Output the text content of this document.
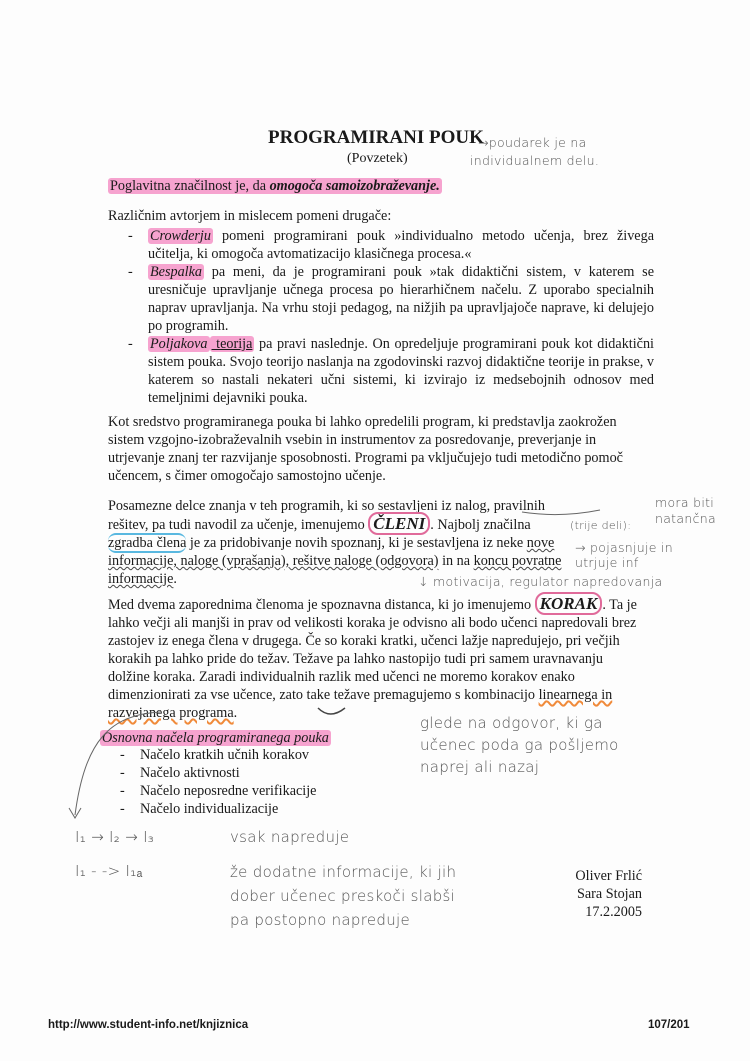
PROGRAMIRANI POUK
(Povzetek)
→poudarek je na
individualnem delu.
Poglavitna značilnost je, da omogoča samoizobraževanje.
Različnim avtorjem in mislecem pomeni drugače:
- Crowderju pomeni programirani pouk »individualno metodo učenja, brez živega učitelja, ki omogoča avtomatizacijo klasičnega procesa.«
- Bespalka pa meni, da je programirani pouk »tak didaktični sistem, v katerem se uresničuje upravljanje učnega procesa po hierarhičnem načelu. Z uporabo specialnih naprav upravljanja. Na vrhu stoji pedagog, na nižjih pa upravljajoče naprave, ki delujejo po programih.
- Poljakova teorija pa pravi naslednje. On opredeljuje programirani pouk kot didaktični sistem pouka. Svojo teorijo naslanja na zgodovinski razvoj didaktične teorije in prakse, v katerem so nastali nekateri učni sistemi, ki izvirajo iz medsebojnih odnosov med temeljnimi dejavniki pouka.
Kot sredstvo programiranega pouka bi lahko opredelili program, ki predstavlja zaokrožen sistem vzgojno-izobraževalnih vsebin in instrumentov za posredovanje, preverjanje in utrjevanje znanj ter razvijanje sposobnosti. Programi pa vključujejo tudi metodično pomoč učencem, s čimer omogočajo samostojno učenje.
Posamezne delce znanja v teh programih, ki so sestavljeni iz nalog, pravilnih rešitev, pa tudi navodil za učenje, imenujemo ČLENI . Najbolj značilna zgradba člena je za pridobivanje novih spoznanj, ki je sestavljena iz neke nove informacije, naloge (vprašanja), rešitve naloge (odgovora) in na koncu povratne informacije.
(trije deli):
mora biti natančna
→ pojasnjuje in utrjuje inf
↓ motivacija, regulator napredovanja
Med dvema zaporednima členoma je spoznavna distanca, ki jo imenujemo KORAK . Ta je lahko večji ali manjši in prav od velikosti koraka je odvisno ali bodo učenci napredovali brez zastojev iz enega člena v drugega. Če so koraki kratki, učenci lažje napredujejo, pri večjih korakih pa lahko pride do težav. Težave pa lahko nastopijo tudi pri samem uravnavanju dolžine koraka. Zaradi individualnih razlik med učenci ne moremo korakov enako dimenzionirati za vse učence, zato take težave premagujemo s kombinacijo linearnega in razvejanega programa.
glede na odgovor, ki ga
učenec poda ga pošljemo
naprej ali nazaj
Osnovna načela programiranega pouka
- Načelo kratkih učnih korakov
- Načelo aktivnosti
- Načelo neposredne verifikacije
- Načelo individualizacije
I₁ → I₂ → I₃
I₁ - -> I₁ₐ
vsak napreduje
že dodatne informacije, ki jih
dober učenec preskoči slabši
pa postopno napreduje
Oliver Frlić
Sara Stojan
17.2.2005
http://www.student-info.net/knjiznica	107/201
